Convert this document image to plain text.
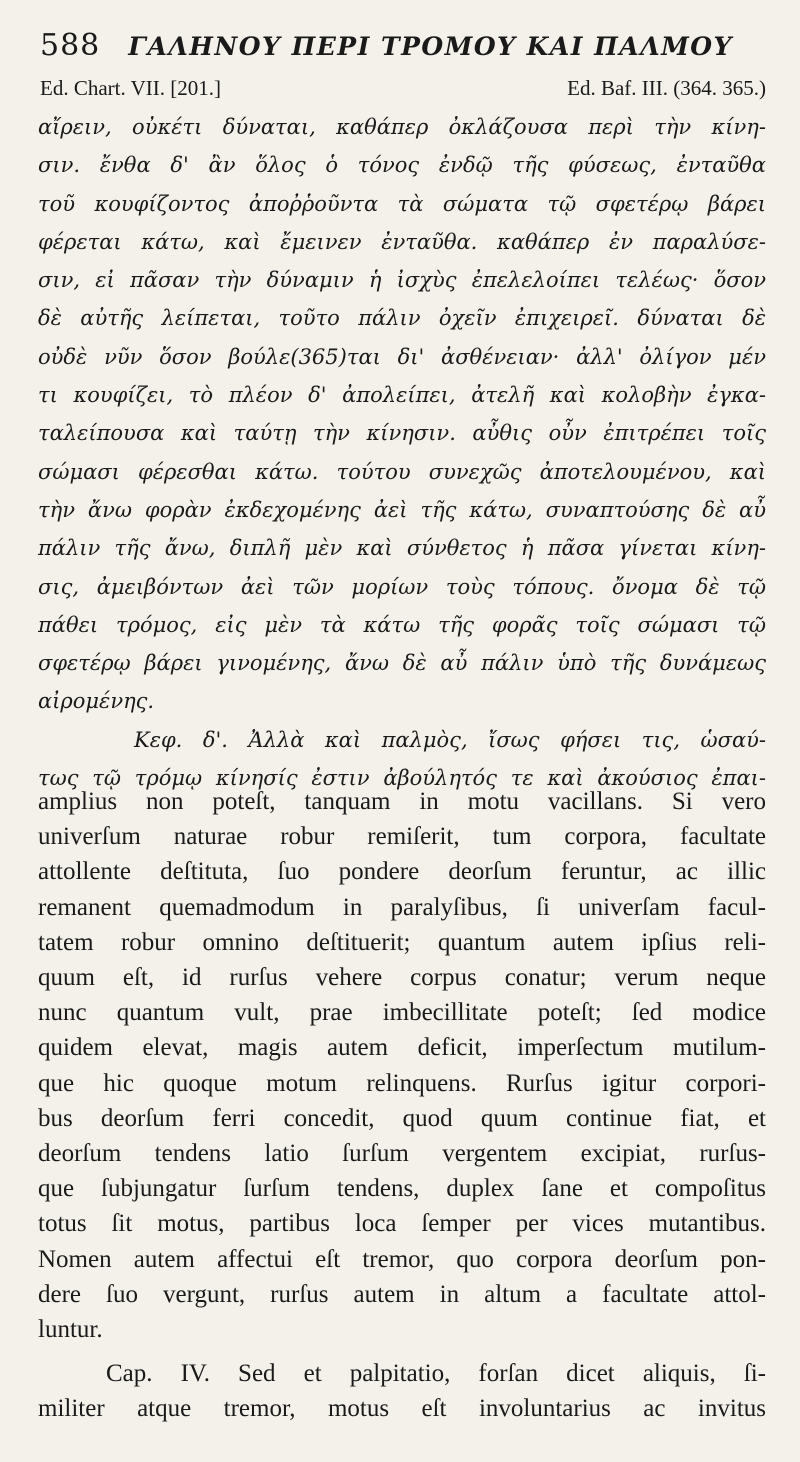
588 ΓΑΛΗΝΟΥ ΠΕΡΙ ΤΡΟΜΟΥ ΚΑΙ ΠΑΛΜΟΥ
Ed. Chart. VII. [201.]	Ed. Baf. III. (364. 365.)
αἴρειν, οὐκέτι δύναται, καθάπερ ὀκλάζουσα περὶ τὴν κίνη-
σιν. ἔνθα δ' ἂν ὅλος ὁ τόνος ἐνδῷ τῆς φύσεως, ἐνταῦθα
τοῦ κουφίζοντος ἀποῤῥοῦντα τὰ σώματα τῷ σφετέρῳ βάρει
φέρεται κάτω, καὶ ἔμεινεν ἐνταῦθα. καθάπερ ἐν παραλύσε-
σιν, εἰ πᾶσαν τὴν δύναμιν ἡ ἰσχὺς ἐπελελοίπει τελέως· ὅσον
δὲ αὐτῆς λείπεται, τοῦτο πάλιν ὀχεῖν ἐπιχειρεῖ. δύναται δὲ
οὐδὲ νῦν ὅσον βούλε(365)ται δι' ἀσθένειαν· ἀλλ' ὀλίγον μέν
τι κουφίζει, τὸ πλέον δ' ἀπολείπει, ἀτελῆ καὶ κολοβὴν ἐγκα-
ταλείπουσα καὶ ταύτῃ τὴν κίνησιν. αὖθις οὖν ἐπιτρέπει τοῖς
σώμασι φέρεσθαι κάτω. τούτου συνεχῶς ἀποτελουμένου, καὶ
τὴν ἄνω φορὰν ἐκδεχομένης ἀεὶ τῆς κάτω, συναπτούσης δὲ αὖ
πάλιν τῆς ἄνω, διπλῆ μὲν καὶ σύνθετος ἡ πᾶσα γίνεται κίνη-
σις, ἀμειβόντων ἀεὶ τῶν μορίων τοὺς τόπους. ὄνομα δὲ τῷ
πάθει τρόμος, εἰς μὲν τὰ κάτω τῆς φορᾶς τοῖς σώμασι τῷ
σφετέρῳ βάρει γινομένης, ἄνω δὲ αὖ πάλιν ὑπὸ τῆς δυνάμεως
αἰρομένης.
Κεφ. δ'. Ἀλλὰ καὶ παλμὸς, ἴσως φήσει τις, ὡσαύ-
τως τῷ τρόμῳ κίνησίς ἐστιν ἀβούλητός τε καὶ ἀκούσιος ἐπαι-
amplius non poteſt, tanquam in motu vacillans. Si vero
univerſum naturae robur remiſerit, tum corpora, facultate
attollente deſtituta, ſuo pondere deorſum feruntur, ac illic
remanent quemadmodum in paralyſibus, ſi univerſam facul-
tatem robur omnino deſtituerit; quantum autem ipſius reli-
quum eſt, id rurſus vehere corpus conatur; verum neque
nunc quantum vult, prae imbecillitate poteſt; ſed modice
quidem elevat, magis autem deficit, imperſectum mutilum-
que hic quoque motum relinquens. Rurſus igitur corpori-
bus deorſum ferri concedit, quod quum continue fiat, et
deorſum tendens latio ſurſum vergentem excipiat, rurſus-
que ſubjungatur ſurſum tendens, duplex ſane et compoſitus
totus ſit motus, partibus loca ſemper per vices mutantibus.
Nomen autem affectui eſt tremor, quo corpora deorſum pon-
dere ſuo vergunt, rurſus autem in altum a facultate attol-
luntur.
Cap. IV. Sed et palpitatio, forſan dicet aliquis, ſi-
militer atque tremor, motus eſt involuntarius ac invitus
